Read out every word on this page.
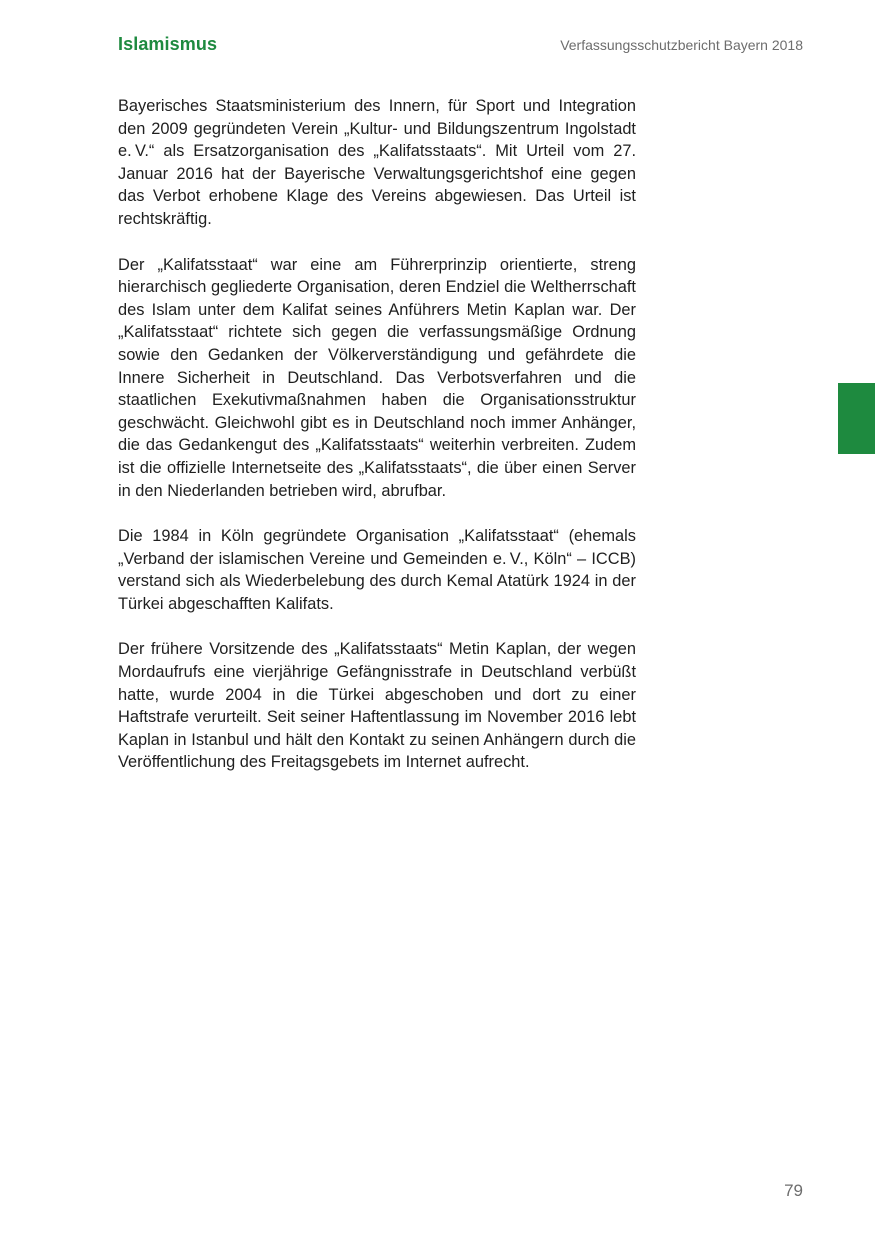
Islamismus	Verfassungsschutzbericht Bayern 2018

Bayerisches Staatsministerium des Innern, für Sport und Integration den 2009 gegründeten Verein „Kultur- und Bildungszentrum Ingolstadt e. V.“ als Ersatzorganisation des „Kalifatsstaats“. Mit Urteil vom 27. Januar 2016 hat der Bayerische Verwaltungsgerichtshof eine gegen das Verbot erhobene Klage des Vereins abgewiesen. Das Urteil ist rechtskräftig.

Der „Kalifatsstaat“ war eine am Führerprinzip orientierte, streng hierarchisch gegliederte Organisation, deren Endziel die Weltherrschaft des Islam unter dem Kalifat seines Anführers Metin Kaplan war. Der „Kalifatsstaat“ richtete sich gegen die verfassungsmäßige Ordnung sowie den Gedanken der Völkerverständigung und gefährdete die Innere Sicherheit in Deutschland. Das Verbotsverfahren und die staatlichen Exekutivmaßnahmen haben die Organisationsstruktur geschwächt. Gleichwohl gibt es in Deutschland noch immer Anhänger, die das Gedankengut des „Kalifatsstaats“ weiterhin verbreiten. Zudem ist die offizielle Internetseite des „Kalifatsstaats“, die über einen Server in den Niederlanden betrieben wird, abrufbar.

Die 1984 in Köln gegründete Organisation „Kalifatsstaat“ (ehemals „Verband der islamischen Vereine und Gemeinden e. V., Köln“ – ICCB) verstand sich als Wiederbelebung des durch Kemal Atatürk 1924 in der Türkei abgeschafften Kalifats.

Der frühere Vorsitzende des „Kalifatsstaats“ Metin Kaplan, der wegen Mordaufrufs eine vierjährige Gefängnisstrafe in Deutschland verbüßt hatte, wurde 2004 in die Türkei abgeschoben und dort zu einer Haftstrafe verurteilt. Seit seiner Haftentlassung im November 2016 lebt Kaplan in Istanbul und hält den Kontakt zu seinen Anhängern durch die Veröffentlichung des Freitagsgebets im Internet aufrecht.

79
